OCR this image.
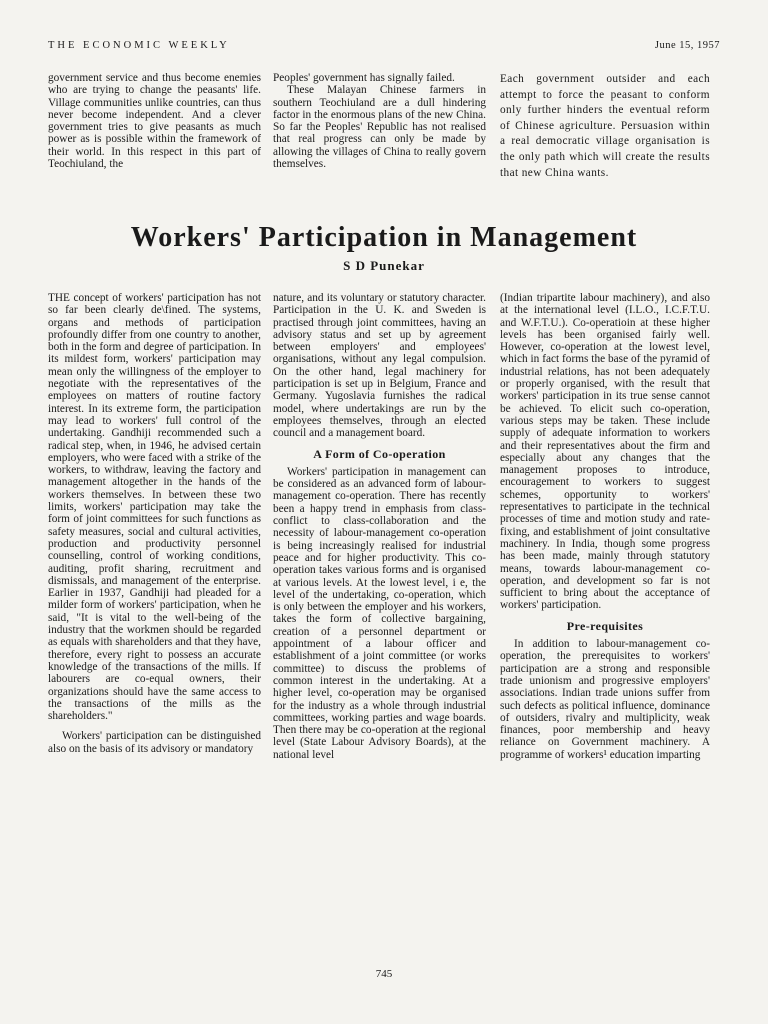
THE ECONOMIC WEEKLY	June 15, 1957

government service and thus become enemies who are trying to change the peasants' life. Village communities unlike countries, can thus never become independent. And a clever government tries to give peasants as much power as is possible within the framework of their world. In this respect in this part of Teochiuland, the

Peoples' government has signally failed.

These Malayan Chinese farmers in southern Teochiuland are a dull hindering factor in the enormous plans of the new China. So far the Peoples' Republic has not realised that real progress can only be made by allowing the villages of China to really govern themselves.

Each government outsider and each attempt to force the peasant to conform only further hinders the eventual reform of Chinese agriculture. Persuasion within a real democratic village organisation is the only path which will create the results that new China wants.

Workers' Participation in Management
S D Punekar

THE concept of workers' participation has not so far been clearly de\fined. The systems, organs and methods of participation profoundly differ from one country to another, both in the form and degree of participation. In its mildest form, workers' participation may mean only the willingness of the employer to negotiate with the representatives of the employees on matters of routine factory interest. In its extreme form, the participation may lead to workers' full control of the undertaking. Gandhiji recommended such a radical step, when, in 1946, he advised certain employers, who were faced with a strike of the workers, to withdraw, leaving the factory and management altogether in the hands of the workers themselves. In between these two limits, workers' participation may take the form of joint committees for such functions as safety measures, social and cultural activities, production and productivity personnel counselling, control of working conditions, auditing, profit sharing, recruitment and dismissals, and management of the enterprise. Earlier in 1937, Gandhiji had pleaded for a milder form of workers' participation, when he said, "It is vital to the well-being of the industry that the workmen should be regarded as equals with shareholders and that they have, therefore, every right to possess an accurate knowledge of the transactions of the mills. If labourers are co-equal owners, their organizations should have the same access to the transactions of the mills as the shareholders."

Workers' participation can be distinguished also on the basis of its advisory or mandatory

nature, and its voluntary or statutory character. Participation in the U. K. and Sweden is practised through joint committees, having an advisory status and set up by agreement between employers' and employees' organisations, without any legal compulsion. On the other hand, legal machinery for participation is set up in Belgium, France and Germany. Yugoslavia furnishes the radical model, where undertakings are run by the employees themselves, through an elected council and a management board.

A Form of Co-operation

Workers' participation in management can be considered as an advanced form of labour-management co-operation. There has recently been a happy trend in emphasis from class-conflict to class-collaboration and the necessity of labour-management co-operation is being increasingly realised for industrial peace and for higher productivity. This co-operation takes various forms and is organised at various levels. At the lowest level, i e, the level of the undertaking, co-operation, which is only between the employer and his workers, takes the form of collective bargaining, creation of a personnel department or appointment of a labour officer and establishment of a joint committee (or works committee) to discuss the problems of common interest in the undertaking. At a higher level, co-operation may be organised for the industry as a whole through industrial committees, working parties and wage boards. Then there may be co-operation at the regional level (State Labour Advisory Boards), at the national level

(Indian tripartite labour machinery), and also at the international level (I.L.O., I.C.F.T.U. and W.F.T.U.). Co-operatioin at these higher levels has been organised fairly well. However, co-operation at the lowest level, which in fact forms the base of the pyramid of industrial relations, has not been adequately or properly organised, with the result that workers' participation in its true sense cannot be achieved. To elicit such co-operation, various steps may be taken. These include supply of adequate information to workers and their representatives about the firm and especially about any changes that the management proposes to introduce, encouragement to workers to suggest schemes, opportunity to workers' representatives to participate in the technical processes of time and motion study and rate-fixing, and establishment of joint consultative machinery. In India, though some progress has been made, mainly through statutory means, towards labour-management co-operation, and development so far is not sufficient to bring about the acceptance of workers' participation.

Pre-requisites

In addition to labour-management co-operation, the prerequisites to workers' participation are a strong and responsible trade unionism and progressive employers' associations. Indian trade unions suffer from such defects as political influence, dominance of outsiders, rivalry and multiplicity, weak finances, poor membership and heavy reliance on Government machinery. A programme of workers¹ education imparting

745
